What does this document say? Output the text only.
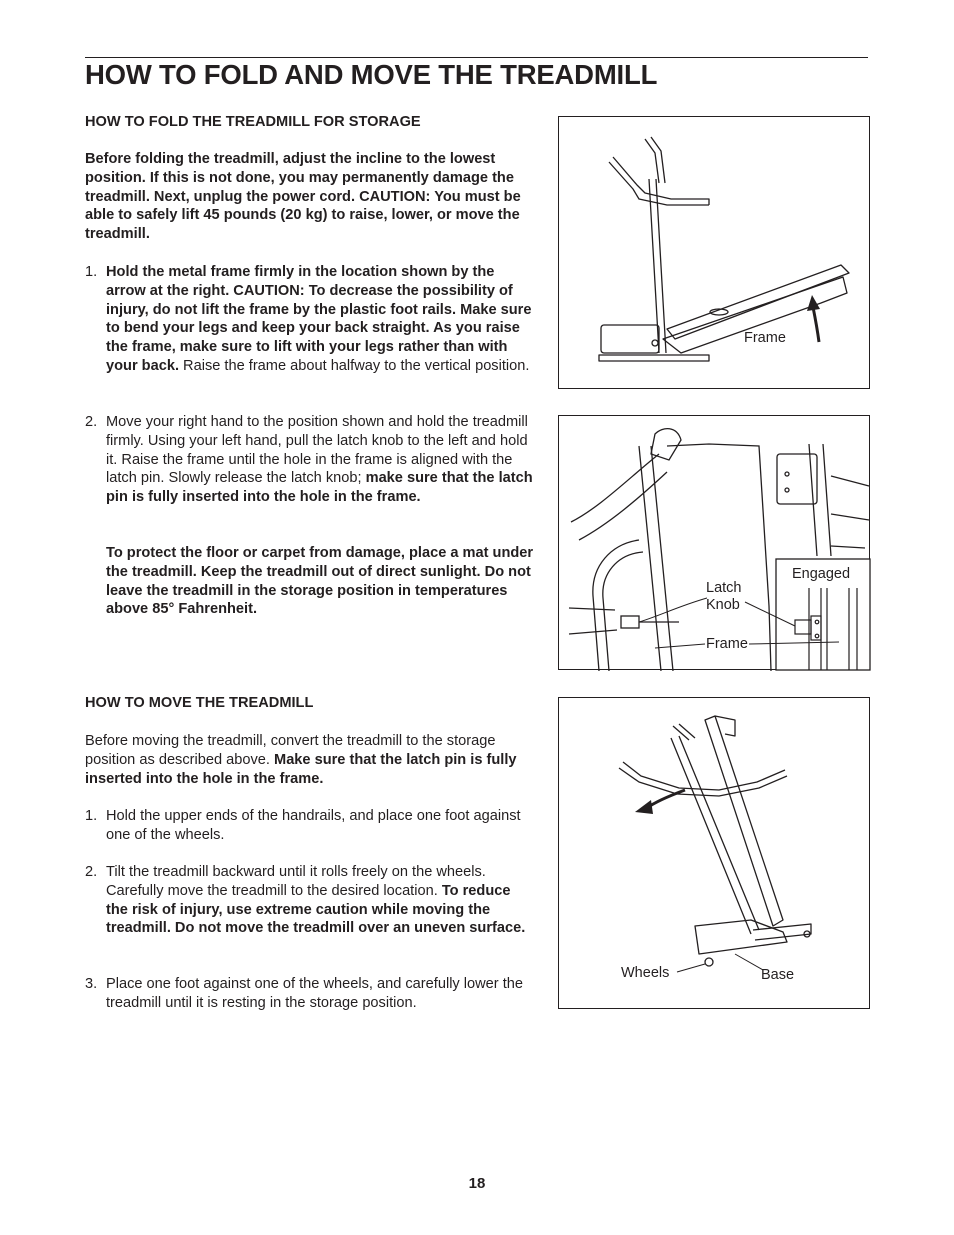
HOW TO FOLD AND MOVE THE TREADMILL
HOW TO FOLD THE TREADMILL FOR STORAGE
Before folding the treadmill, adjust the incline to the lowest position. If this is not done, you may permanently damage the treadmill. Next, unplug the power cord. CAUTION: You must be able to safely lift 45 pounds (20 kg) to raise, lower, or move the treadmill.
1. Hold the metal frame firmly in the location shown by the arrow at the right. CAUTION: To decrease the possibility of injury, do not lift the frame by the plastic foot rails. Make sure to bend your legs and keep your back straight. As you raise the frame, make sure to lift with your legs rather than with your back. Raise the frame about halfway to the vertical position.
2. Move your right hand to the position shown and hold the treadmill firmly. Using your left hand, pull the latch knob to the left and hold it. Raise the frame until the hole in the frame is aligned with the latch pin. Slowly release the latch knob; make sure that the latch pin is fully inserted into the hole in the frame.
To protect the floor or carpet from damage, place a mat under the treadmill. Keep the treadmill out of direct sunlight. Do not leave the treadmill in the storage position in temperatures above 85° Fahrenheit.
HOW TO MOVE THE TREADMILL
Before moving the treadmill, convert the treadmill to the storage position as described above. Make sure that the latch pin is fully inserted into the hole in the frame.
1. Hold the upper ends of the handrails, and place one foot against one of the wheels.
2. Tilt the treadmill backward until it rolls freely on the wheels. Carefully move the treadmill to the desired location. To reduce the risk of injury, use extreme caution while moving the treadmill. Do not move the treadmill over an uneven surface.
3. Place one foot against one of the wheels, and carefully lower the treadmill until it is resting in the storage position.
Frame
Engaged
Latch
Knob
Frame
Wheels	Base
18
